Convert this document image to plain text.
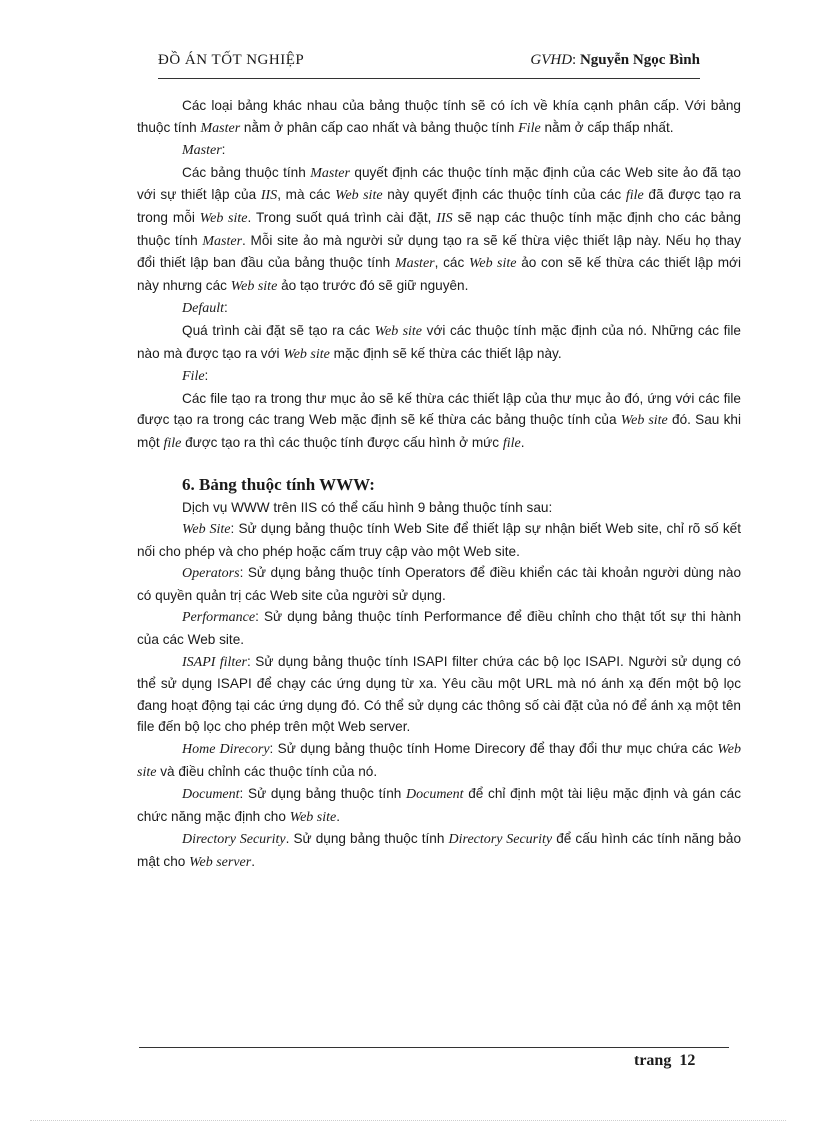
ĐỒ ÁN TỐT NGHIỆP	GVHD: Nguyễn Ngọc Bình

Các loại bảng khác nhau của bảng thuộc tính sẽ có ích về khía cạnh phân cấp. Với bảng thuộc tính Master nằm ở phân cấp cao nhất và bảng thuộc tính File nằm ở cấp thấp nhất.

Master:

Các bảng thuộc tính Master quyết định các thuộc tính mặc định của các Web site ảo đã tạo với sự thiết lập của IIS, mà các Web site này quyết định các thuộc tính của các file đã được tạo ra trong mỗi Web site. Trong suốt quá trình cài đặt, IIS sẽ nạp các thuộc tính mặc định cho các bảng thuộc tính Master. Mỗi site ảo mà người sử dụng tạo ra sẽ kế thừa việc thiết lập này. Nếu họ thay đổi thiết lập ban đầu của bảng thuộc tính Master, các Web site ảo con sẽ kế thừa các thiết lập mới này nhưng các Web site ảo tạo trước đó sẽ giữ nguyên.

Default:

Quá trình cài đặt sẽ tạo ra các Web site với các thuộc tính mặc định của nó. Những các file nào mà được tạo ra với Web site mặc định sẽ kế thừa các thiết lập này.

File:

Các file tạo ra trong thư mục ảo sẽ kế thừa các thiết lập của thư mục ảo đó, ứng với các file được tạo ra trong các trang Web mặc định sẽ kế thừa các bảng thuộc tính của Web site đó. Sau khi một file được tạo ra thì các thuộc tính được cấu hình ở mức file.

6. Bảng thuộc tính WWW:

Dịch vụ WWW trên IIS có thể cấu hình 9 bảng thuộc tính sau:

Web Site: Sử dụng bảng thuộc tính Web Site để thiết lập sự nhận biết Web site, chỉ rõ số kết nối cho phép và cho phép hoặc cấm truy cập vào một Web site.

Operators: Sử dụng bảng thuộc tính Operators để điều khiển các tài khoản người dùng nào có quyền quản trị các Web site của người sử dụng.

Performance: Sử dụng bảng thuộc tính Performance để điều chỉnh cho thật tốt sự thi hành của các Web site.

ISAPI filter: Sử dụng bảng thuộc tính ISAPI filter chứa các bộ lọc ISAPI. Người sử dụng có thể sử dụng ISAPI để chạy các ứng dụng từ xa. Yêu cầu một URL mà nó ánh xạ đến một bộ lọc đang hoạt động tại các ứng dụng đó. Có thể sử dụng các thông số cài đặt của nó để ánh xạ một tên file đến bộ lọc cho phép trên một Web server.

Home Direcory: Sử dụng bảng thuộc tính Home Direcory để thay đổi thư mục chứa các Web site và điều chỉnh các thuộc tính của nó.

Document: Sử dụng bảng thuộc tính Document để chỉ định một tài liệu mặc định và gán các chức năng mặc định cho Web site.

Directory Security. Sử dụng bảng thuộc tính Directory Security để cấu hình các tính năng bảo mật cho Web server.

trang 12
